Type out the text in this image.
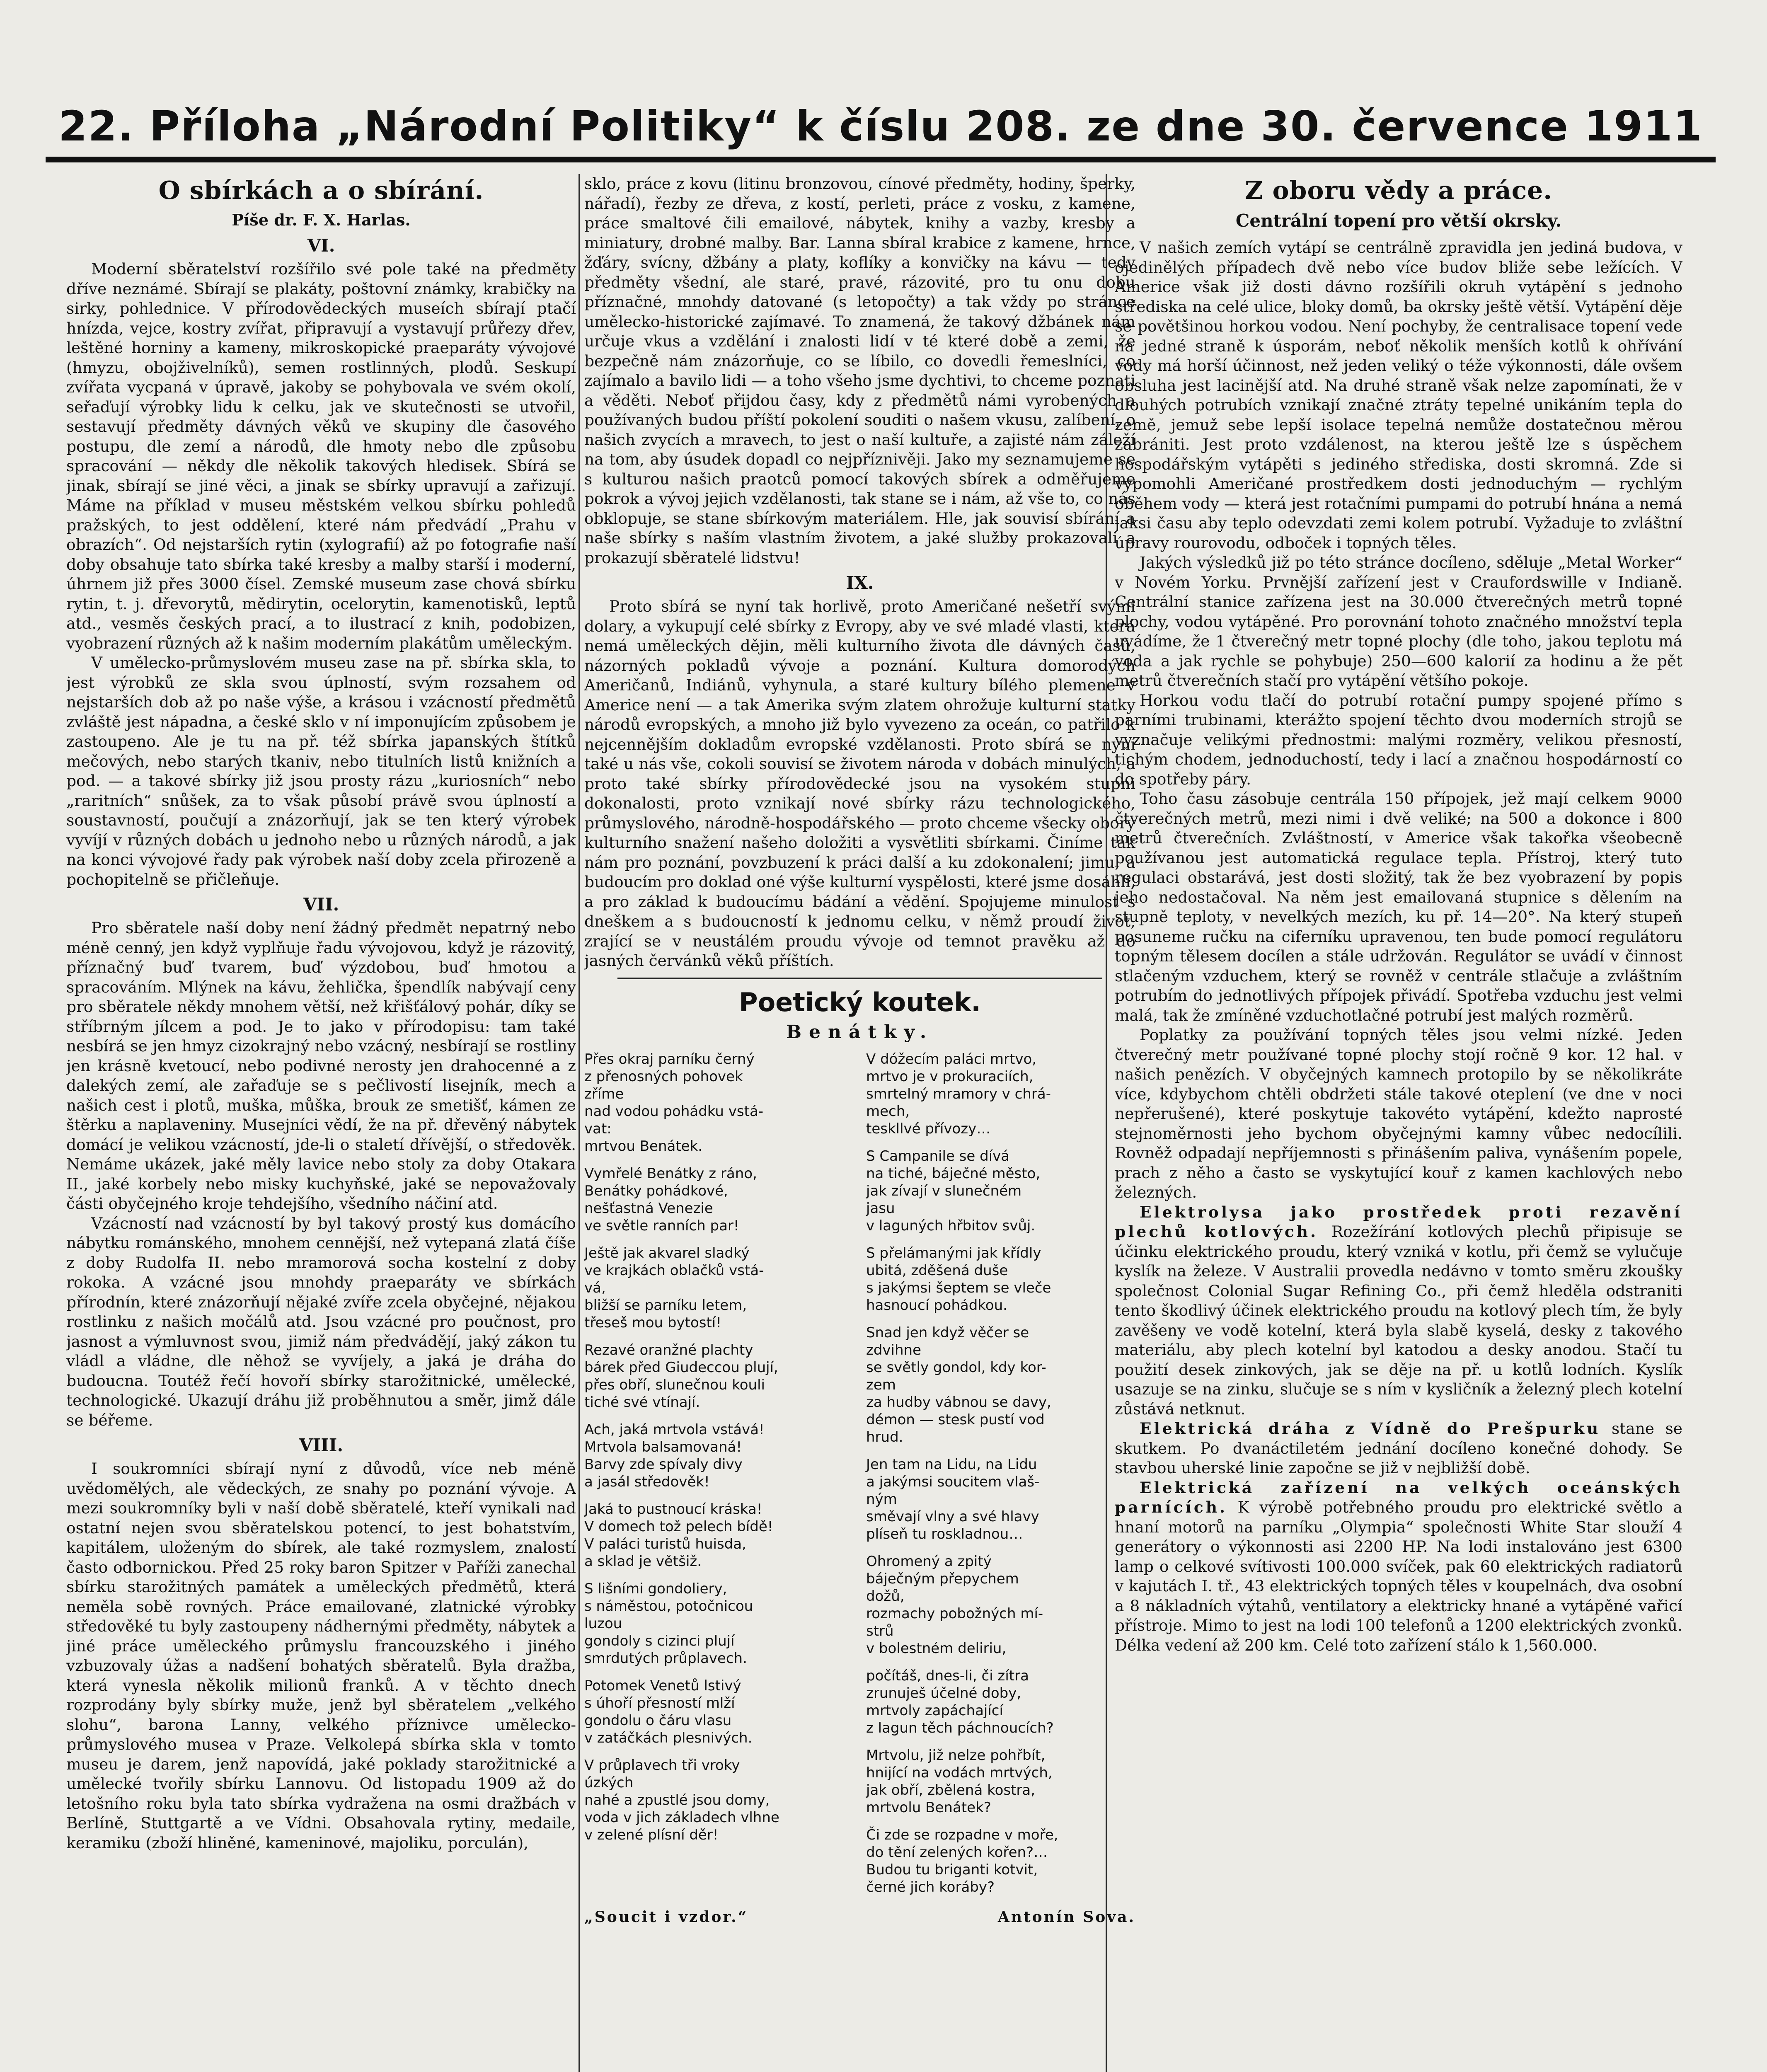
22. Příloha „Národní Politiky“ k číslu 208. ze dne 30. července 1911
O sbírkách a o sbírání.
Píše dr. F. X. Harlas.
VI.

Moderní sběratelství rozšířilo své pole také na předměty dříve neznámé. Sbírají se plakáty, poštovní známky, krabičky na sirky, pohlednice. V přírodovědeckých museích sbírají ptačí hnízda, vejce, kostry zvířat, připravují a vystavují průřezy dřev, leštěné horniny a kameny, mikroskopické praeparáty vývojové (hmyzu, obojživelníků), semen rostlinných, plodů. Seskupí zvířata vycpaná v úpravě, jakoby se pohybovala ve svém okolí, seřaďují výrobky lidu k celku, jak ve skutečnosti se utvořil, sestavují předměty dávných věků ve skupiny dle časového postupu, dle zemí a národů, dle hmoty nebo dle způsobu spracování — někdy dle několik takových hledisek. Sbírá se jinak, sbírají se jiné věci, a jinak se sbírky upravují a zařizují. Máme na příklad v museu městském velkou sbírku pohledů pražských, to jest oddělení, které nám předvádí „Prahu v obrazích“. Od nejstarších rytin (xylografií) až po fotografie naší doby obsahuje tato sbírka také kresby a malby starší i moderní, úhrnem již přes 3000 čísel. Zemské museum zase chová sbírku rytin, t. j. dřevorytů, mědirytin, ocelorytin, kamenotisků, leptů atd., vesměs českých prací, a to ilustrací z knih, podobizen, vyobrazení různých až k našim moderním plakátům uměleckým.

V umělecko-průmyslovém museu zase na př. sbírka skla, to jest výrobků ze skla svou úplností, svým rozsahem od nejstarších dob až po naše výše, a krásou i vzácností předmětů zvláště jest nápadna, a české sklo v ní imponujícím způsobem je zastoupeno. Ale je tu na př. též sbírka japanských štítků mečových, nebo starých tkaniv, nebo titulních listů knižních a pod. — a takové sbírky již jsou prosty rázu „kuriosních“ nebo „raritních“ snůšek, za to však působí právě svou úplností a soustavností, poučují a znázorňují, jak se ten který výrobek vyvíjí v různých dobách u jednoho nebo u různých národů, a jak na konci vývojové řady pak výrobek naší doby zcela přirozeně a pochopitelně se přičleňuje.

VII.

Pro sběratele naší doby není žádný předmět nepatrný nebo méně cenný, jen když vyplňuje řadu vývojovou, když je rázovitý, příznačný buď tvarem, buď výzdobou, buď hmotou a spracováním. Mlýnek na kávu, žehlička, špendlík nabývají ceny pro sběratele někdy mnohem větší, než křišťálový pohár, díky se stříbrným jílcem a pod. Je to jako v přírodopisu: tam také nesbírá se jen hmyz cizokrajný nebo vzácný, nesbírají se rostliny jen krásně kvetoucí, nebo podivné nerosty jen drahocenné a z dalekých zemí, ale zařaďuje se s pečlivostí lisejník, mech a našich cest i plotů, muška, můška, brouk ze smetišť, kámen ze štěrku a naplaveniny. Museјníci vědí, že na př. dřevěný nábytek domácí je velikou vzácností, jde-li o staletí dřívější, o středověk. Nemáme ukázek, jaké měly lavice nebo stoly za doby Otakara II., jaké korbely nebo misky kuchyňské, jaké se nepovažovaly části obyčejného kroje tehdejšího, všedního náčiní atd.

Vzácností nad vzácností by byl takový prostý kus domácího nábytku románského, mnohem cennější, než vytepaná zlatá číše z doby Rudolfa II. nebo mramorová socha kostelní z doby rokoka. A vzácné jsou mnohdy praeparáty ve sbírkách přírodnín, které znázorňují nějaké zvíře zcela obyčejné, nějakou rostlinku z našich močálů atd. Jsou vzácné pro poučnost, pro jasnost a výmluvnost svou, jimiž nám předvádějí, jaký zákon tu vládl a vládne, dle něhož se vyvíjely, a jaká je dráha do budoucna. Toutéž řečí hovoří sbírky starožitnické, umělecké, technologické. Ukazují dráhu již proběhnutou a směr, jimž dále se béřeme.

VIII.

I soukromníci sbírají nyní z důvodů, více neb méně uvědomělých, ale vědeckých, ze snahy po poznání vývoje. A mezi soukromníky byli v naší době sběratelé, kteří vynikali nad ostatní nejen svou sběratelskou potencí, to jest bohatstvím, kapitálem, uloženým do sbírek, ale také rozmyslem, znalostí často odbornickou. Před 25 roky baron Spitzer v Paříži zanechal sbírku starožitných památek a uměleckých předmětů, která neměla sobě rovných. Práce emailované, zlatnické výrobky středověké tu byly zastoupeny nádhernými předměty, nábytek a jiné práce uměleckého průmyslu francouzského i jiného vzbuzovaly úžas a nadšení bohatých sběratelů. Byla dražba, která vynesla několik milionů franků. A v těchto dnech rozprodány byly sbírky muže, jenž byl sběratelem „velkého slohu“, barona Lanny, velkého příznivce umělecko-průmyslového musea v Praze. Velkolepá sbírka skla v tomto museu je darem, jenž napovídá, jaké poklady starožitnické a umělecké tvořily sbírku Lannovu. Od listopadu 1909 až do letošního roku byla tato sbírka vydražena na osmi dražbách v Berlíně, Stuttgartě a ve Vídni. Obsahovala rytiny, medaile, keramiku (zboží hliněné, kameninové, majoliku, porculán),

sklo, práce z kovu (litinu bronzovou, cínové předměty, hodiny, šperky, nářadí), řezby ze dřeva, z kostí, perleti, práce z vosku, z kamene, práce smaltové čili emailové, nábytek, knihy a vazby, kresby a miniatury, drobné malby. Bar. Lanna sbíral krabice z kamene, hrnce, žďáry, svícny, džbány a platy, koflíky a konvičky na kávu — tedy předměty všední, ale staré, pravé, rázovité, pro tu onu dobu příznačné, mnohdy datované (s letopočty) a tak vždy po stránce umělecko-historické zajímavé. To znamená, že takový džbánek nám určuje vkus a vzdělání i znalosti lidí v té které době a zemi, že bezpečně nám znázorňuje, co se líbilo, co dovedli řemeslníci, co zajímalo a bavilo lidi — a toho všeho jsme dychtivi, to chceme poznati a věděti. Neboť přijdou časy, kdy z předmětů námi vyrobených a používaných budou příští pokolení souditi o našem vkusu, zalíbení, o našich zvycích a mravech, to jest o naší kultuře, a zajisté nám záleží na tom, aby úsudek dopadl co nejpříznivěji. Jako my seznamujeme se s kulturou našich praotců pomocí takových sbírek a odměřujeme pokrok a vývoj jejich vzdělanosti, tak stane se i nám, až vše to, co nás obklopuje, se stane sbírkovým materiálem. Hle, jak souvisí sbírání a naše sbírky s naším vlastním životem, a jaké služby prokazovali a prokazují sběratelé lidstvu!

IX.

Proto sbírá se nyní tak horlivě, proto Američané nešetří svými dolary, a vykupují celé sbírky z Evropy, aby ve své mladé vlasti, která nemá uměleckých dějin, měli kulturního života dle dávných časů, názorných pokladů vývoje a poznání. Kultura domorodých Američanů, Indiánů, vyhynula, a staré kultury bílého plemene v Americe není — a tak Amerika svým zlatem ohrožuje kulturní statky národů evropských, a mnoho již bylo vyvezeno za oceán, co patřilo k nejcennějším dokladům evropské vzdělanosti. Proto sbírá se nyní také u nás vše, cokoli souvisí se životem národa v dobách minulých, a proto také sbírky přírodovědecké jsou na vysokém stupni dokonalosti, proto vznikají nové sbírky rázu technologického, průmyslového, národně-hospodářského — proto chceme všecky obory kulturního snažení našeho doložiti a vysvětliti sbírkami. Činíme tak nám pro poznání, povzbuzení k práci další a ku zdokonalení; jimu, a budoucím pro doklad oné výše kulturní vyspělosti, které jsme dosáhli, a pro základ k budoucímu bádání a vědění. Spojujeme minulost s dneškem a s budoucností k jednomu celku, v němž proudí život, zrající se v neustálém proudu vývoje od temnot pravěku až do jasných červánků věků příštích.

Poetický koutek.
Benátky.
Přes okraj parníku černý
z přenosných pohovek
zříme
nad vodou pohádku vstá-
vat:
mrtvou Benátek.
Vymřelé Benátky z ráno,
Benátky pohádkové,
nešťastná Venezie
ve světle ranních par!
Ještě jak akvarel sladký
ve krajkách oblačků vstá-
vá,
bližší se parníku letem,
třeseš mou bytostí!
Rezavé oranžné plachty
bárek před Giudeccou plují,
přes obří, slunečnou kouli
tiché své vtínají.
Ach, jaká mrtvola vstává!
Mrtvola balsamovaná!
Barvy zde spívaly divy
a jasál středověk!
Jaká to pustnoucí kráska!
V domech tož pelech bídě!
V paláci turistů huisda,
a sklad je většiž.
S lišními gondoliery,
s náměstou, potočnicou
luzou
gondoly s cizinci plují
smrdutých průplavech.
Potomek Venetů lstivý
s úhoří přesností mlží
gondolu o čáru vlasu
v zatáčkách plesnivých.
V průplavech tři vroky
úzkých
nahé a zpustlé jsou domy,
voda v jich základech vlhne
v zelené plísní děr!
V dóžecím paláci mrtvo,
mrtvo je v prokuraciích,
smrtelný mramory v chrá-
mech,
teskllvé přívozy…
S Campanile se dívá
na tiché, báječné město,
jak zívají v slunečném
jasu
v laguných hřbitov svůj.
S přelámanými jak křídly
ubitá, zděšená duše
s jakýmsi šeptem se vleče
hasnoucí pohádkou.
Snad jen když věčer se
zdvihne
se světly gondol, kdy kor-
zem
za hudby vábnou se davy,
démon — stesk pustí vod
hrud.
Jen tam na Lidu, na Lidu
a jakýmsi soucitem vlaš-
ným
směvají vlny a své hlavy
plíseň tu roskladnou…
Ohromený a zpitý
báječným přepychem
dožů,
rozmachy pobožných mí-
strů
v bolestném deliriu,
počítáš, dnes-li, či zítra
zrunuješ účelné doby,
mrtvoly zapáchající
z lagun těch páchnoucích?
Mrtvolu, již nelze pohřbít,
hnijící na vodách mrtvých,
jak obří, zbělená kostra,
mrtvolu Benátek?
Či zde se rozpadne v moře,
do tění zelených kořen?…
Budou tu briganti kotvit,
černé jich koráby?
„Soucit i vzdor.“	Antonín Sova.
Z oboru vědy a práce.
Centrální topení pro větší okrsky.

V našich zemích vytápí se centrálně zpravidla jen jediná budova, v ojedinělých případech dvě nebo více budov bliže sebe ležících. V Americe však již dosti dávno rozšířili okruh vytápění s jednoho střediska na celé ulice, bloky domů, ba okrsky ještě větší. Vytápění děje se povětšinou horkou vodou. Není pochyby, že centralisace topení vede na jedné straně k úsporám, neboť několik menších kotlů k ohřívání vody má horší účinnost, než jeden veliký o téže výkonnosti, dále ovšem obsluha jest lacinější atd. Na druhé straně však nelze zapomínati, že v dlouhých potrubích vznikají značné ztráty tepelné unikáním tepla do země, jemuž sebe lepší isolace tepelná nemůže dostatečnou měrou zabrániti. Jest proto vzdálenost, na kterou ještě lze s úspěchem hospodářským vytápěti s jediného střediska, dosti skromná. Zde si vypomohli Američané prostředkem dosti jednoduchým — rychlým oběhem vody — která jest rotačními pumpami do potrubí hnána a nemá jaksi času aby teplo odevzdati zemi kolem potrubí. Vyžaduje to zvláštní úpravy rourovodu, odboček i topných těles.

Jakých výsledků již po této stránce docíleno, sděluje „Metal Worker“ v Novém Yorku. Prvnější zařízení jest v Craufordswille v Indianě. Centrální stanice zařízena jest na 30.000 čtverečných metrů topné plochy, vodou vytápěné. Pro porovnání tohoto značného množství tepla uvádíme, že 1 čtverečný metr topné plochy (dle toho, jakou teplotu má voda a jak rychle se pohybuje) 250—600 kalorií za hodinu a že pět metrů čtverečních stačí pro vytápění většího pokoje.

Horkou vodu tlačí do potrubí rotační pumpy spojené přímo s parními trubinami, kterážto spojení těchto dvou moderních strojů se vyznačuje velikými přednostmi: malými rozměry, velikou přesností, tichým chodem, jednoduchostí, tedy i lací a značnou hospodárností co do spotřeby páry.

Toho času zásobuje centrála 150 přípojek, jež mají celkem 9000 čtverečných metrů, mezi nimi i dvě veliké; na 500 a dokonce i 800 metrů čtverečních. Zvláštností, v Americe však takořka všeobecně používanou jest automatická regulace tepla. Přístroj, který tuto regulaci obstarává, jest dosti složitý, tak že bez vyobrazení by popis jeho nedostačoval. Na něm jest emailovaná stupnice s dělením na stupně teploty, v nevelkých mezích, ku př. 14—20°. Na který stupeň posuneme ručku na ciferníku upravenou, ten bude pomocí regulátoru topným tělesem docílen a stále udržován. Regulátor se uvádí v činnost stlačeným vzduchem, který se rovněž v centrále stlačuje a zvláštním potrubím do jednotlivých přípojek přivádí. Spotřeba vzduchu jest velmi malá, tak že zmíněné vzduchotlačné potrubí jest malých rozměrů.

Poplatky za používání topných těles jsou velmi nízké. Jeden čtverečný metr používané topné plochy stojí ročně 9 kor. 12 hal. v našich penězích. V obyčejných kamnech protopilo by se několikráte více, kdybychom chtěli obdržeti stále takové oteplení (ve dne v noci nepřerušené), které poskytuje takovéto vytápění, kdežto naprosté stejnoměrnosti jeho bychom obyčejnými kamny vůbec nedocílili. Rovněž odpadají nepříjemnosti s přinášením paliva, vynášením popele, prach z něho a často se vyskytující kouř z kamen kachlových nebo železných.

Elektrolysa jako prostředek proti rezavění plechů kotlových. Rozežírání kotlových plechů připisuje se účinku elektrického proudu, který vzniká v kotlu, při čemž se vylučuje kyslík na železe. V Australii provedla nedávno v tomto směru zkoušky společnost Colonial Sugar Refining Co., při čemž hleděla odstraniti tento škodlivý účinek elektrického proudu na kotlový plech tím, že byly zavěšeny ve vodě kotelní, která byla slabě kyselá, desky z takového materiálu, aby plech kotelní byl katodou a desky anodou. Stačí tu použití desek zinkových, jak se děje na př. u kotlů lodních. Kyslík usazuje se na zinku, slučuje se s ním v kysličník a železný plech kotelní zůstává netknut.

Elektrická dráha z Vídně do Prešpurku stane se skutkem. Po dvanáctiletém jednání docíleno konečné dohody. Se stavbou uherské linie započne se již v nejbližší době.

Elektrická zařízení na velkých oceánských parnících. K výrobě potřebného proudu pro elektrické světlo a hnaní motorů na parníku „Olympia“ společnosti White Star slouží 4 generátory o výkonnosti asi 2200 HP. Na lodi instalováno jest 6300 lamp o celkové svítivosti 100.000 svíček, pak 60 elektrických radiatorů v kajutách I. tř., 43 elektrických topných těles v koupelnách, dva osobní a 8 nákladních výtahů, ventilatory a elektricky hnané a vytápěné vařicí přístroje. Mimo to jest na lodi 100 telefonů a 1200 elektrických zvonků. Délka vedení až 200 km. Celé toto zařízení stálo k 1,560.000.
